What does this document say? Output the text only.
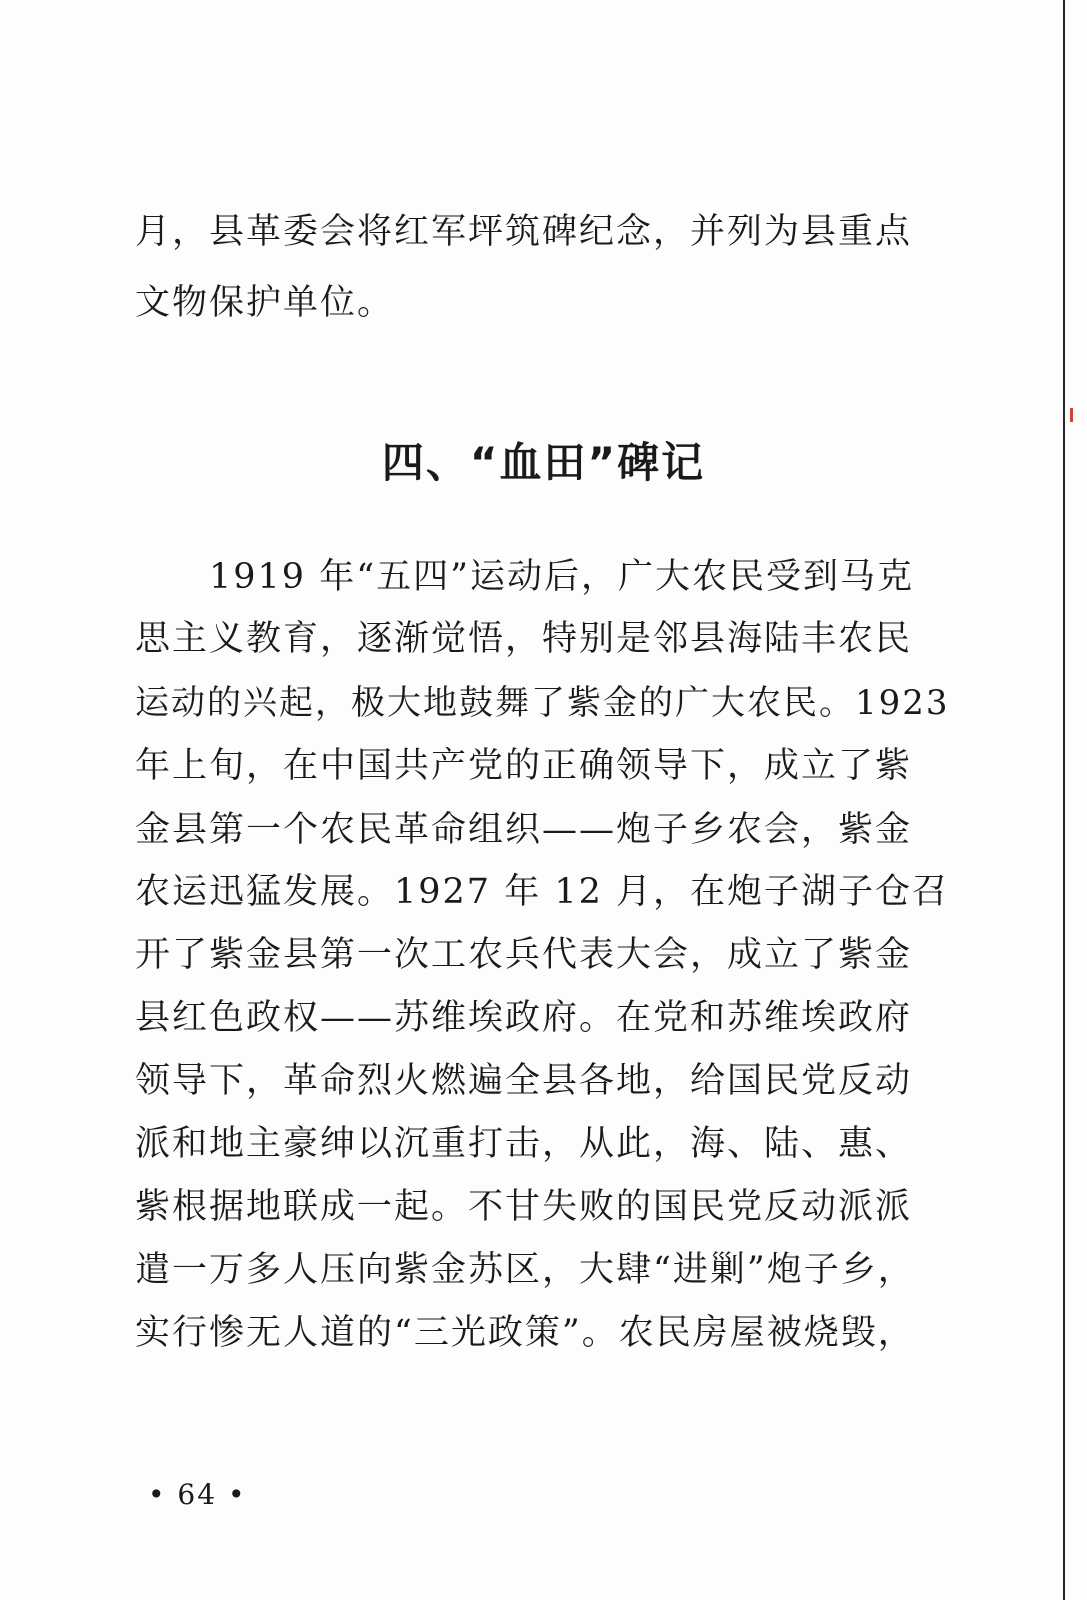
月，县革委会将红军坪筑碑纪念，并列为县重点
文物保护单位。
四、“血田”碑记
　　1919 年“五四”运动后，广大农民受到马克
思主义教育，逐渐觉悟，特别是邻县海陆丰农民
运动的兴起，极大地鼓舞了紫金的广大农民。1923
年上旬，在中国共产党的正确领导下，成立了紫
金县第一个农民革命组织——炮子乡农会，紫金
农运迅猛发展。1927 年 12 月，在炮子湖子仓召
开了紫金县第一次工农兵代表大会，成立了紫金
县红色政权——苏维埃政府。在党和苏维埃政府
领导下，革命烈火燃遍全县各地，给国民党反动
派和地主豪绅以沉重打击，从此，海、陆、惠、
紫根据地联成一起。不甘失败的国民党反动派派
遣一万多人压向紫金苏区，大肆“进剿”炮子乡，
实行惨无人道的“三光政策”。农民房屋被烧毁，
• 64 •
